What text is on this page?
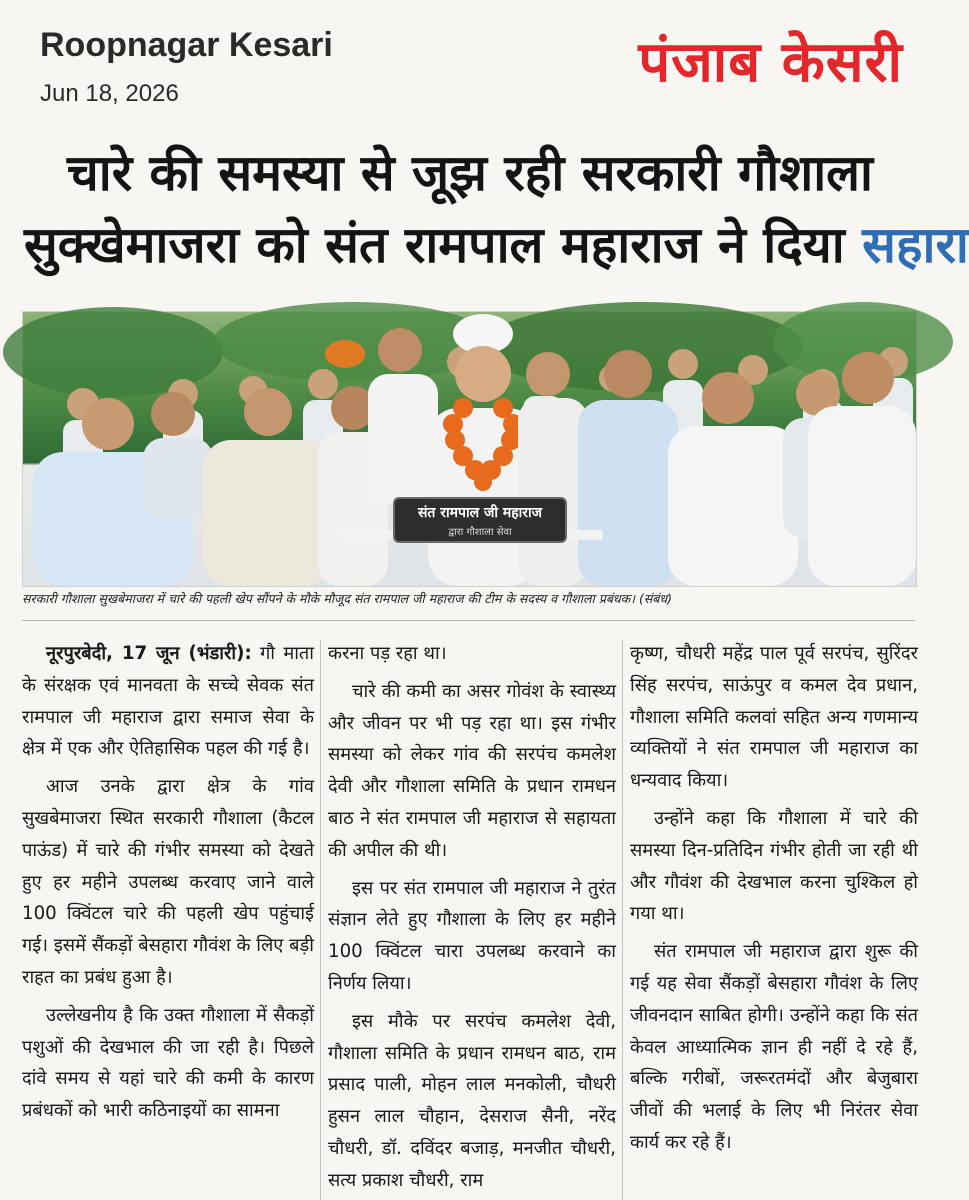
Roopnagar Kesari
Jun 18, 2026	पंजाब केसरी
चारे की समस्या से जूझ रही सरकारी गौशाला
सुक्खेमाजरा को संत रामपाल महाराज ने दिया सहारा
संत रामपाल जी महाराज
द्वारा गौशाला सेवा
सरकारी गौशाला सुखबेमाजरा में चारे की पहली खेप सौंपने के मौके मौजूद संत रामपाल जी महाराज की टीम के सदस्य व गौशाला प्रबंधक। (संबंध)

नूरपुरबेदी, 17 जून (भंडारी): गौ माता के संरक्षक एवं मानवता के सच्चे सेवक संत रामपाल जी महाराज द्वारा समाज सेवा के क्षेत्र में एक और ऐतिहासिक पहल की गई है।

आज उनके द्वारा क्षेत्र के गांव सुखबेमाजरा स्थित सरकारी गौशाला (कैटल पाऊंड) में चारे की गंभीर समस्या को देखते हुए हर महीने उपलब्ध करवाए जाने वाले 100 क्विंटल चारे की पहली खेप पहुंचाई गई। इसमें सैंकड़ों बेसहारा गौवंश के लिए बड़ी राहत का प्रबंध हुआ है।

उल्लेखनीय है कि उक्त गौशाला में सैकड़ों पशुओं की देखभाल की जा रही है। पिछले दांवे समय से यहां चारे की कमी के कारण प्रबंधकों को भारी कठिनाइयों का सामना

करना पड़ रहा था।

चारे की कमी का असर गोवंश के स्वास्थ्य और जीवन पर भी पड़ रहा था। इस गंभीर समस्या को लेकर गांव की सरपंच कमलेश देवी और गौशाला समिति के प्रधान रामधन बाठ ने संत रामपाल जी महाराज से सहायता की अपील की थी।

इस पर संत रामपाल जी महाराज ने तुरंत संज्ञान लेते हुए गौशाला के लिए हर महीने 100 क्विंटल चारा उपलब्ध करवाने का निर्णय लिया।

इस मौके पर सरपंच कमलेश देवी, गौशाला समिति के प्रधान रामधन बाठ, राम प्रसाद पाली, मोहन लाल मनकोली, चौधरी हुसन लाल चौहान, देसराज सैनी, नरेंद चौधरी, डॉ. दविंदर बजाड़, मनजीत चौधरी, सत्य प्रकाश चौधरी, राम

कृष्ण, चौधरी महेंद्र पाल पूर्व सरपंच, सुरिंदर सिंह सरपंच, साऊंपुर व कमल देव प्रधान, गौशाला समिति कलवां सहित अन्य गणमान्य व्यक्तियों ने संत रामपाल जी महाराज का धन्यवाद किया।

उन्होंने कहा कि गौशाला में चारे की समस्या दिन-प्रतिदिन गंभीर होती जा रही थी और गौवंश की देखभाल करना चुश्किल हो गया था।

संत रामपाल जी महाराज द्वारा शुरू की गई यह सेवा सैंकड़ों बेसहारा गौवंश के लिए जीवनदान साबित होगी। उन्होंने कहा कि संत केवल आध्यात्मिक ज्ञान ही नहीं दे रहे हैं, बल्कि गरीबों, जरूरतमंदों और बेजुबारा जीवों की भलाई के लिए भी निरंतर सेवा कार्य कर रहे हैं।
